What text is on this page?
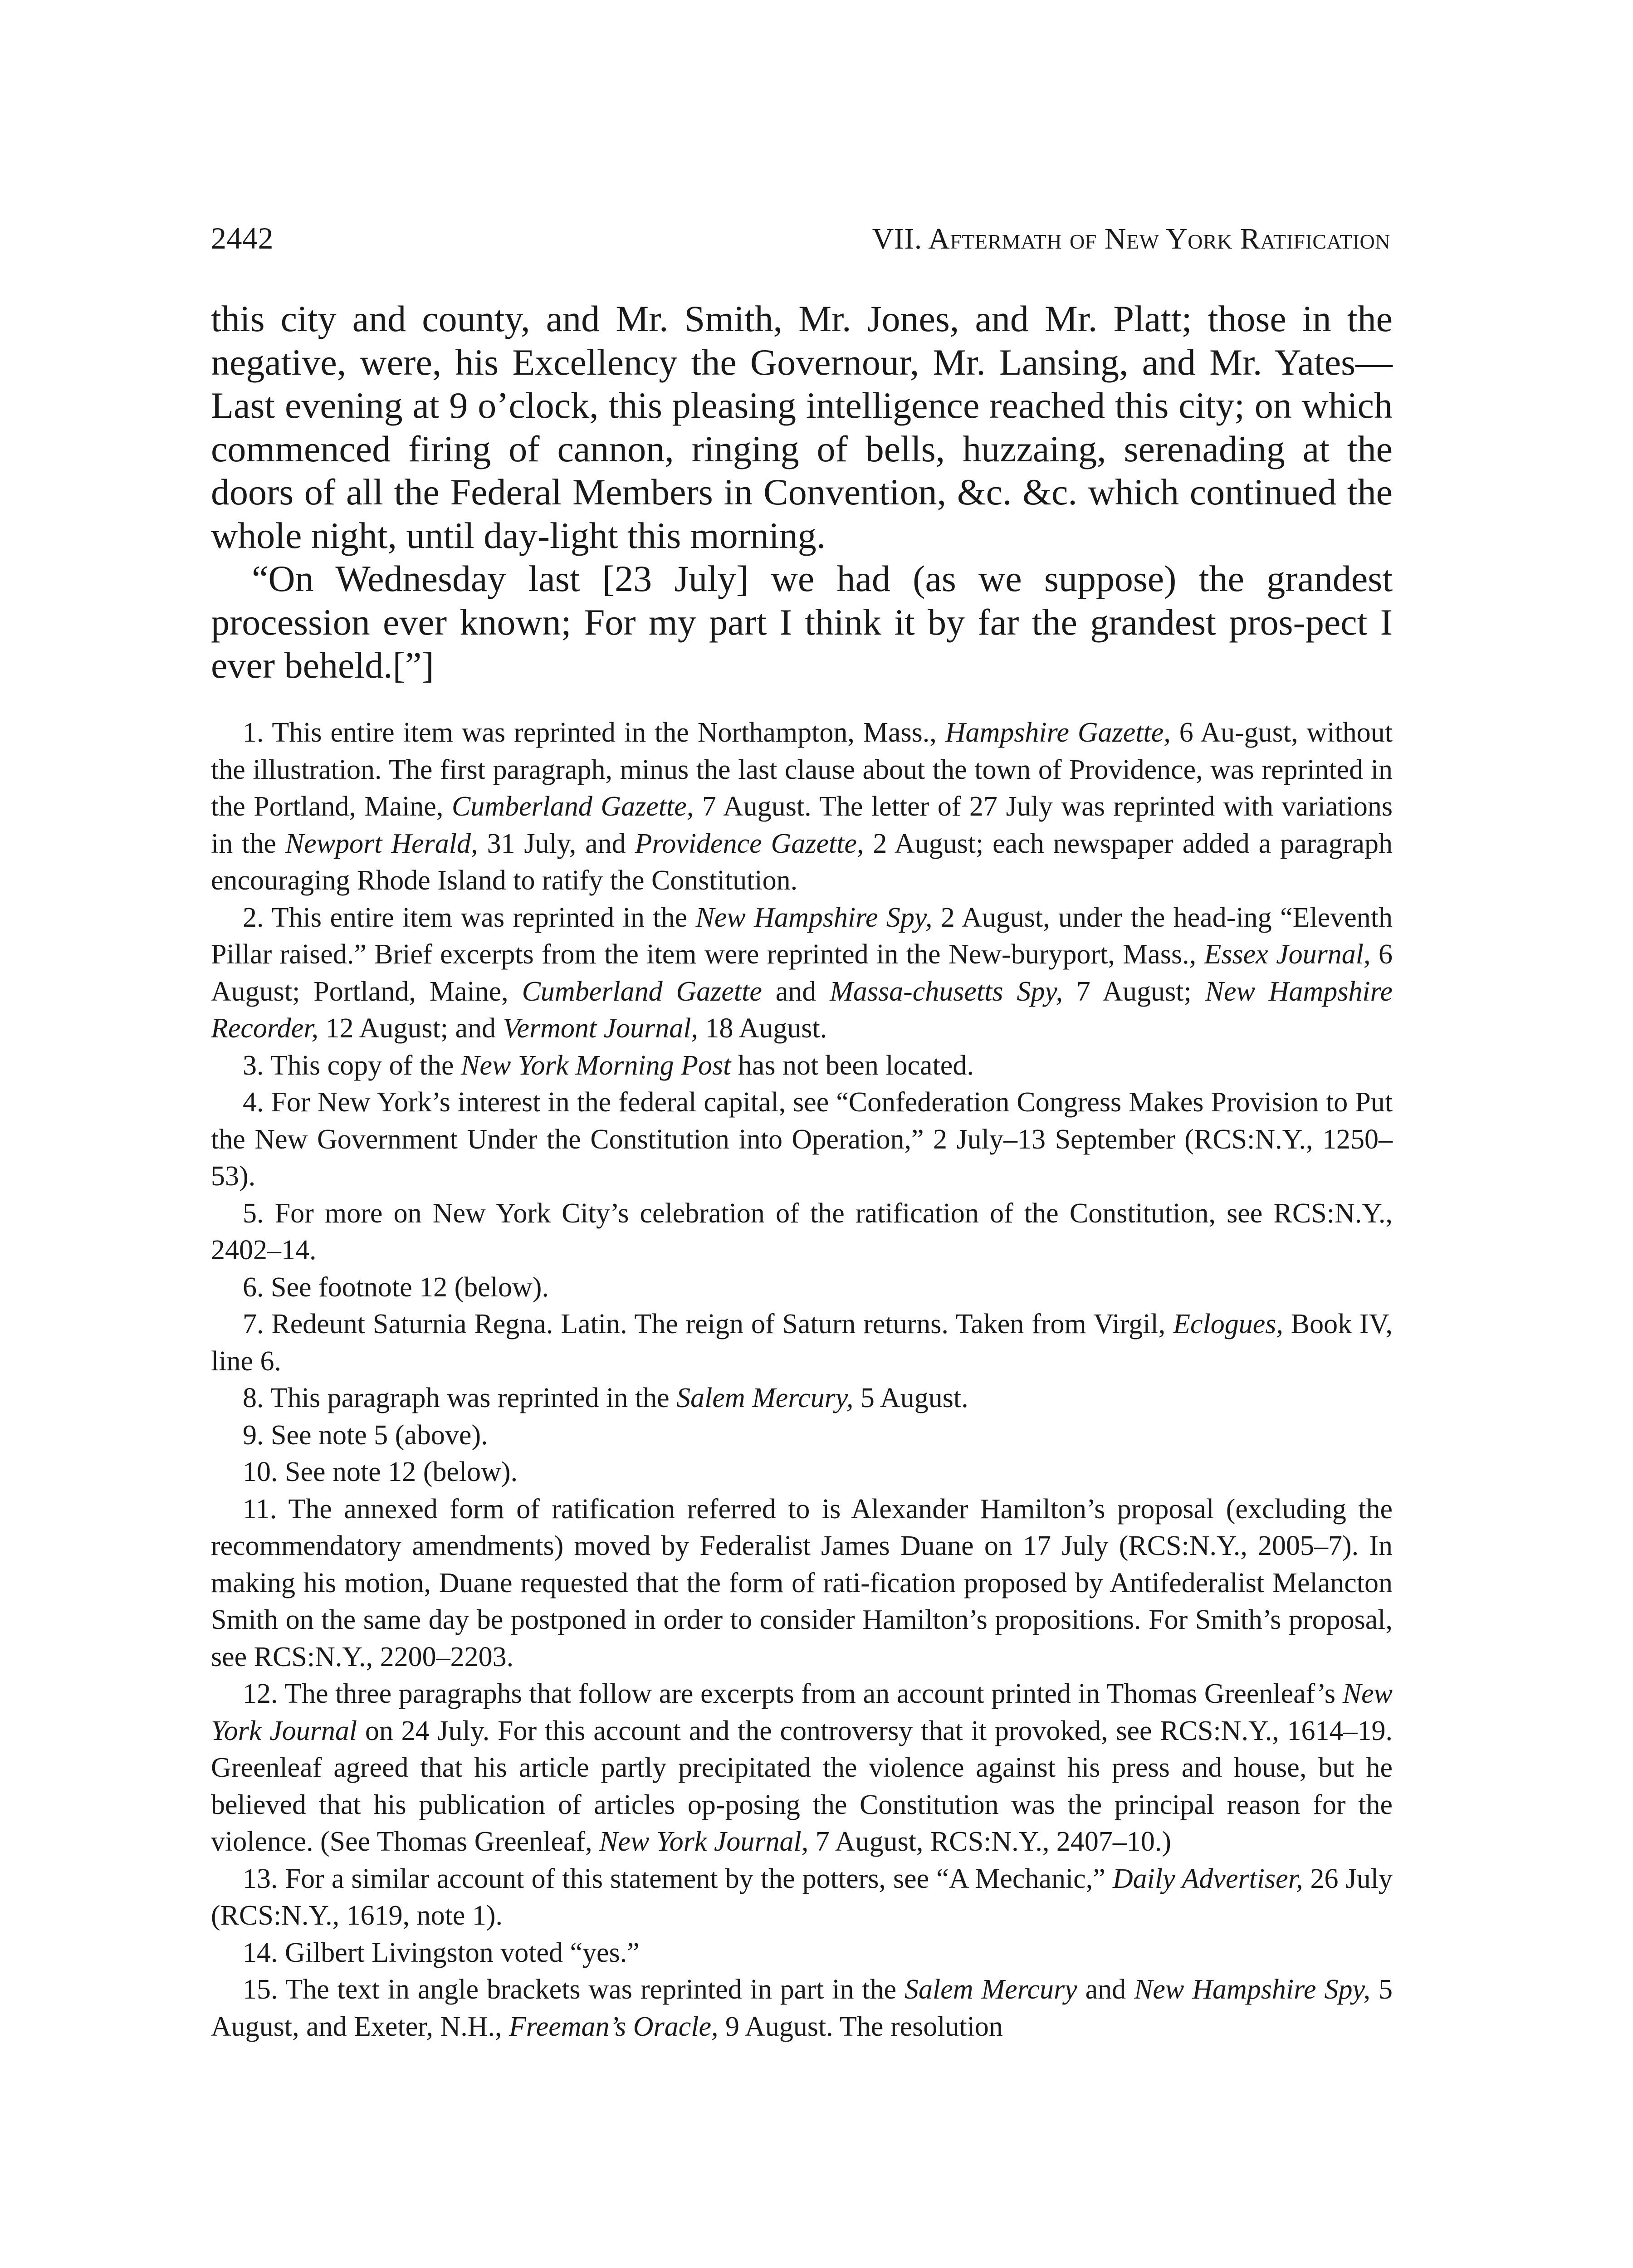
2442	VII. Aftermath of New York Ratification

this city and county, and Mr. Smith, Mr. Jones, and Mr. Platt; those in the negative, were, his Excellency the Governour, Mr. Lansing, and Mr. Yates—Last evening at 9 o’clock, this pleasing intelligence reached this city; on which commenced firing of cannon, ringing of bells, huzzaing, serenading at the doors of all the Federal Members in Convention, &c. &c. which continued the whole night, until day-light this morning.

“On Wednesday last [23 July] we had (as we suppose) the grandest procession ever known; For my part I think it by far the grandest pros-pect I ever beheld.[”]

1. This entire item was reprinted in the Northampton, Mass., Hampshire Gazette, 6 Au-gust, without the illustration. The first paragraph, minus the last clause about the town of Providence, was reprinted in the Portland, Maine, Cumberland Gazette, 7 August. The letter of 27 July was reprinted with variations in the Newport Herald, 31 July, and Providence Gazette, 2 August; each newspaper added a paragraph encouraging Rhode Island to ratify the Constitution.

2. This entire item was reprinted in the New Hampshire Spy, 2 August, under the head-ing “Eleventh Pillar raised.” Brief excerpts from the item were reprinted in the New-buryport, Mass., Essex Journal, 6 August; Portland, Maine, Cumberland Gazette and Massa-chusetts Spy, 7 August; New Hampshire Recorder, 12 August; and Vermont Journal, 18 August.

3. This copy of the New York Morning Post has not been located.

4. For New York’s interest in the federal capital, see “Confederation Congress Makes Provision to Put the New Government Under the Constitution into Operation,” 2 July–13 September (RCS:N.Y., 1250–53).

5. For more on New York City’s celebration of the ratification of the Constitution, see RCS:N.Y., 2402–14.

6. See footnote 12 (below).

7. Redeunt Saturnia Regna. Latin. The reign of Saturn returns. Taken from Virgil, Eclogues, Book IV, line 6.

8. This paragraph was reprinted in the Salem Mercury, 5 August.

9. See note 5 (above).

10. See note 12 (below).

11. The annexed form of ratification referred to is Alexander Hamilton’s proposal (excluding the recommendatory amendments) moved by Federalist James Duane on 17 July (RCS:N.Y., 2005–7). In making his motion, Duane requested that the form of rati-fication proposed by Antifederalist Melancton Smith on the same day be postponed in order to consider Hamilton’s propositions. For Smith’s proposal, see RCS:N.Y., 2200–2203.

12. The three paragraphs that follow are excerpts from an account printed in Thomas Greenleaf’s New York Journal on 24 July. For this account and the controversy that it provoked, see RCS:N.Y., 1614–19. Greenleaf agreed that his article partly precipitated the violence against his press and house, but he believed that his publication of articles op-posing the Constitution was the principal reason for the violence. (See Thomas Greenleaf, New York Journal, 7 August, RCS:N.Y., 2407–10.)

13. For a similar account of this statement by the potters, see “A Mechanic,” Daily Advertiser, 26 July (RCS:N.Y., 1619, note 1).

14. Gilbert Livingston voted “yes.”

15. The text in angle brackets was reprinted in part in the Salem Mercury and New Hampshire Spy, 5 August, and Exeter, N.H., Freeman’s Oracle, 9 August. The resolution
